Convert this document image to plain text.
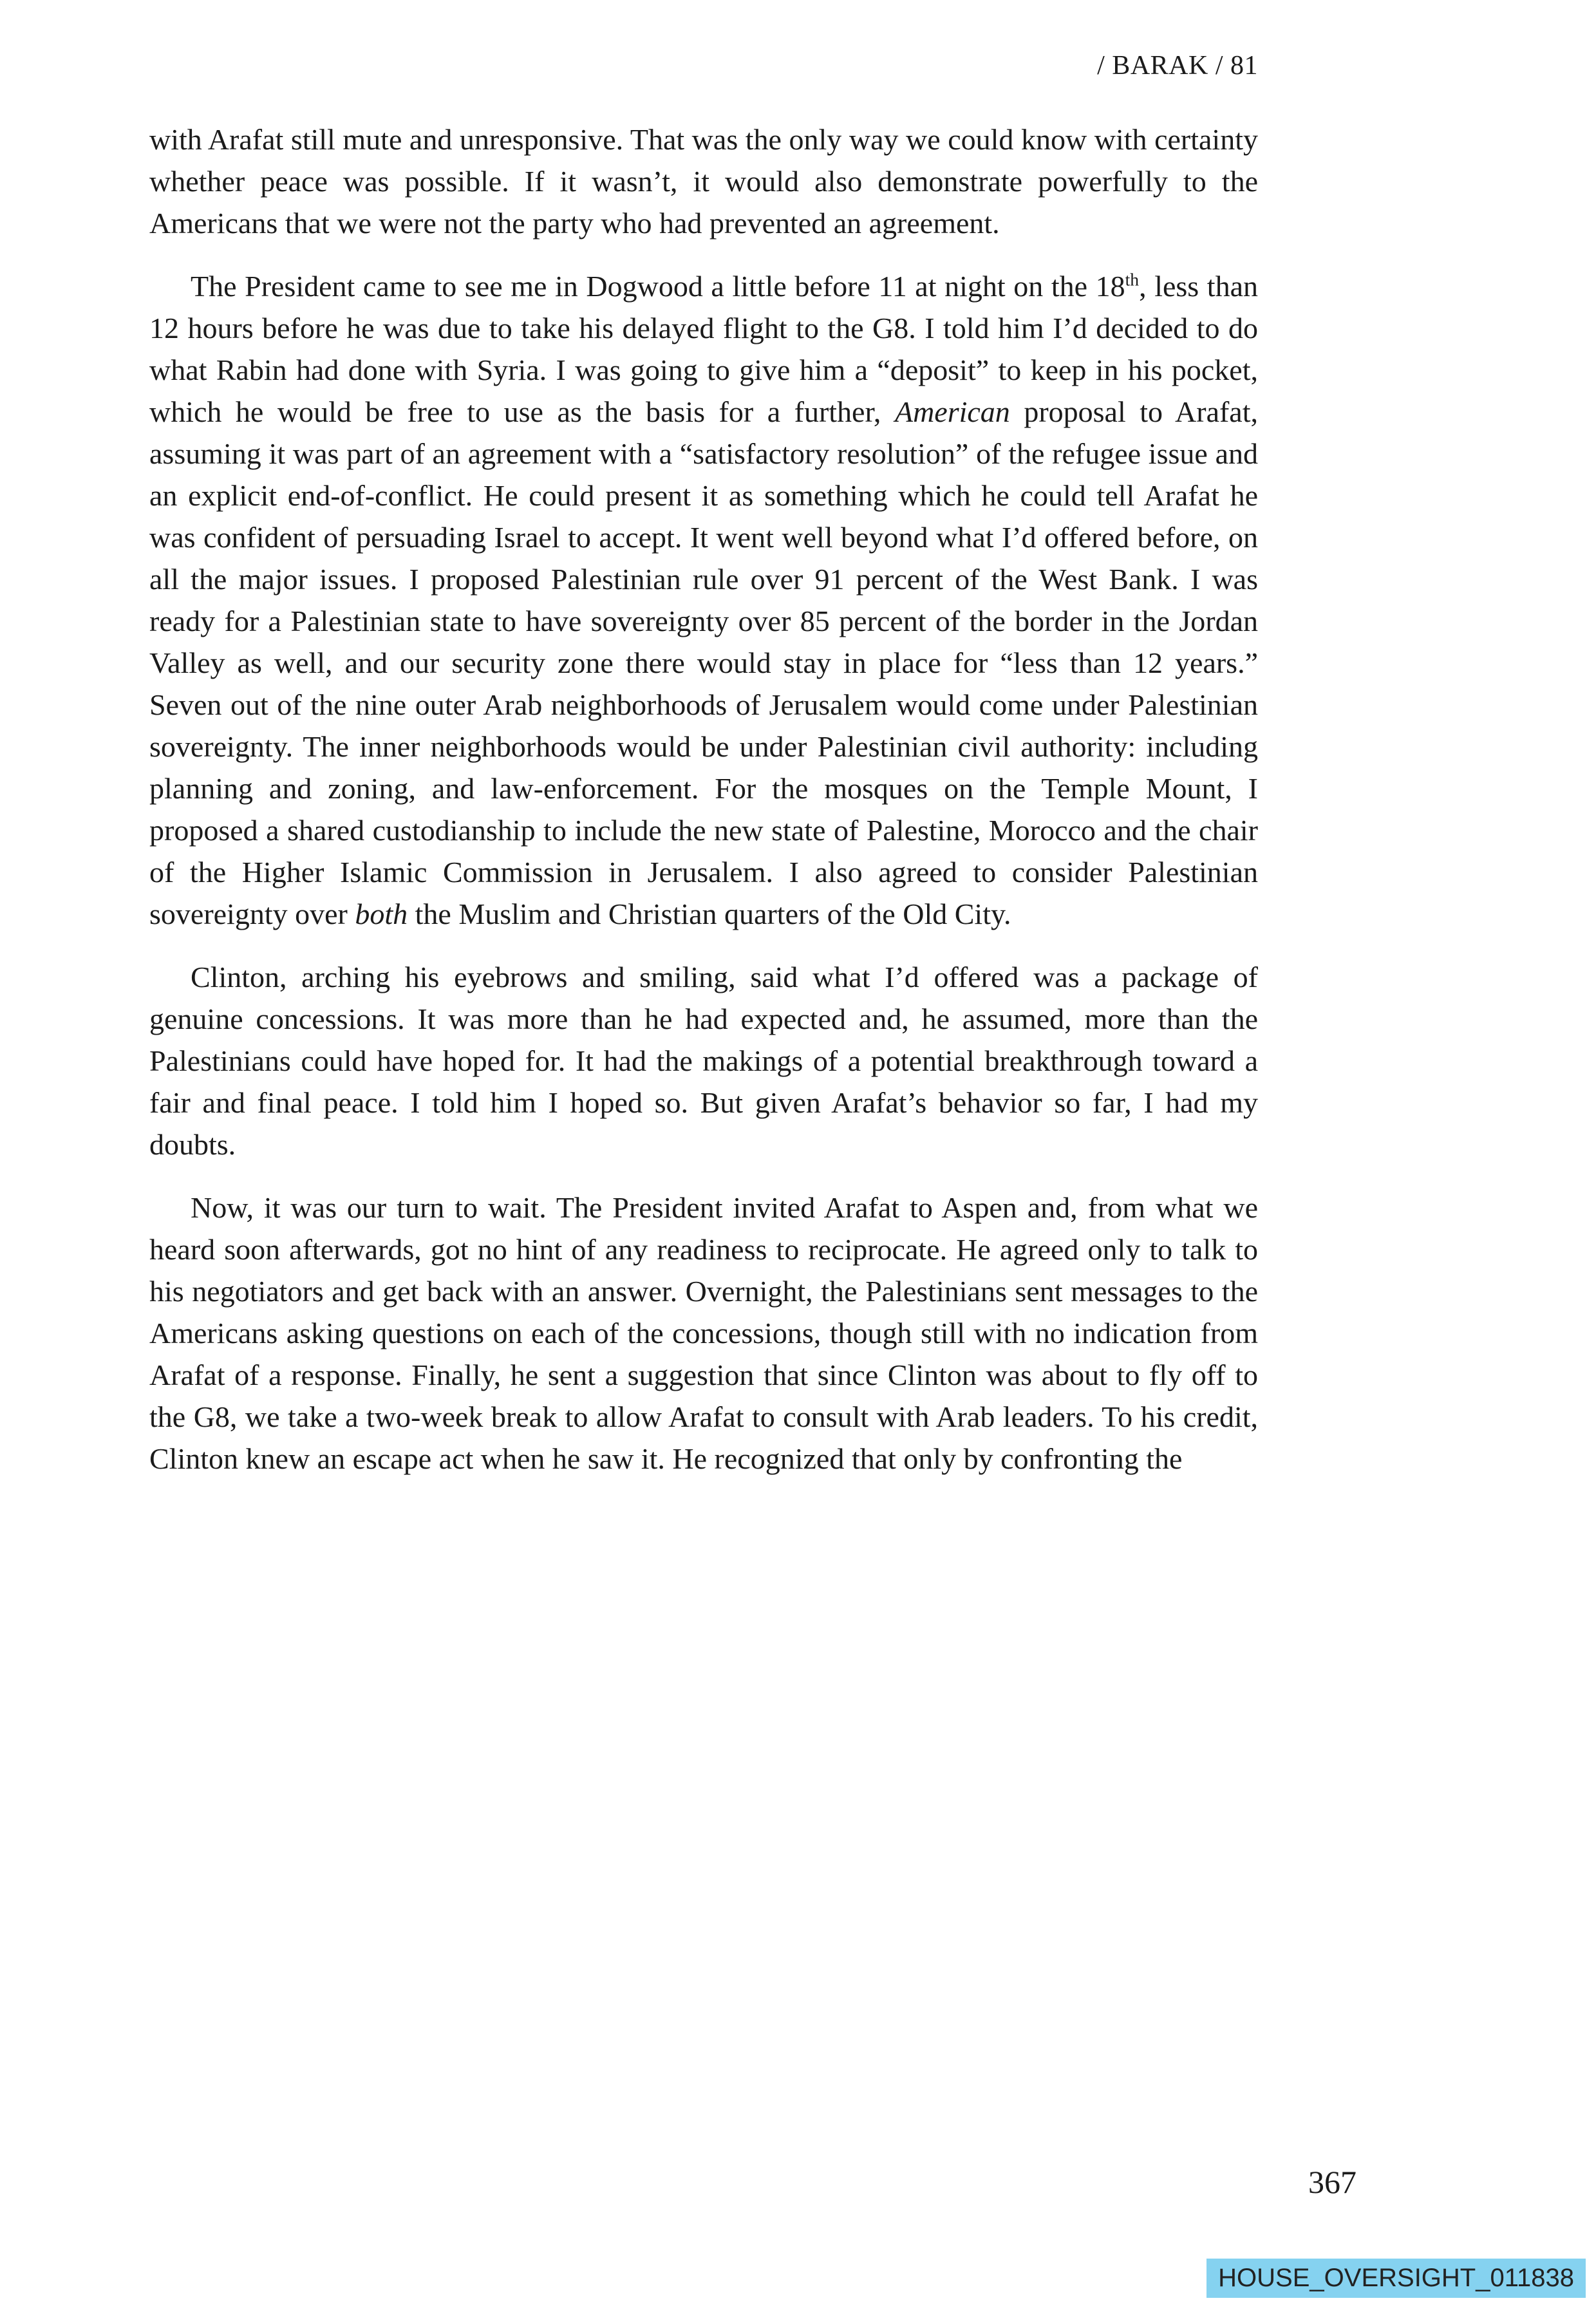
/ BARAK / 81

with Arafat still mute and unresponsive. That was the only way we could know with certainty whether peace was possible. If it wasn’t, it would also demonstrate powerfully to the Americans that we were not the party who had prevented an agreement.

The President came to see me in Dogwood a little before 11 at night on the 18th, less than 12 hours before he was due to take his delayed flight to the G8. I told him I’d decided to do what Rabin had done with Syria. I was going to give him a “deposit” to keep in his pocket, which he would be free to use as the basis for a further, American proposal to Arafat, assuming it was part of an agreement with a “satisfactory resolution” of the refugee issue and an explicit end-of-conflict. He could present it as something which he could tell Arafat he was confident of persuading Israel to accept. It went well beyond what I’d offered before, on all the major issues. I proposed Palestinian rule over 91 percent of the West Bank. I was ready for a Palestinian state to have sovereignty over 85 percent of the border in the Jordan Valley as well, and our security zone there would stay in place for “less than 12 years.” Seven out of the nine outer Arab neighborhoods of Jerusalem would come under Palestinian sovereignty. The inner neighborhoods would be under Palestinian civil authority: including planning and zoning, and law-enforcement. For the mosques on the Temple Mount, I proposed a shared custodianship to include the new state of Palestine, Morocco and the chair of the Higher Islamic Commission in Jerusalem. I also agreed to consider Palestinian sovereignty over both the Muslim and Christian quarters of the Old City.

Clinton, arching his eyebrows and smiling, said what I’d offered was a package of genuine concessions. It was more than he had expected and, he assumed, more than the Palestinians could have hoped for. It had the makings of a potential breakthrough toward a fair and final peace. I told him I hoped so. But given Arafat’s behavior so far, I had my doubts.

Now, it was our turn to wait. The President invited Arafat to Aspen and, from what we heard soon afterwards, got no hint of any readiness to reciprocate. He agreed only to talk to his negotiators and get back with an answer. Overnight, the Palestinians sent messages to the Americans asking questions on each of the concessions, though still with no indication from Arafat of a response. Finally, he sent a suggestion that since Clinton was about to fly off to the G8, we take a two-week break to allow Arafat to consult with Arab leaders. To his credit, Clinton knew an escape act when he saw it. He recognized that only by confronting the

367
HOUSE_OVERSIGHT_011838
